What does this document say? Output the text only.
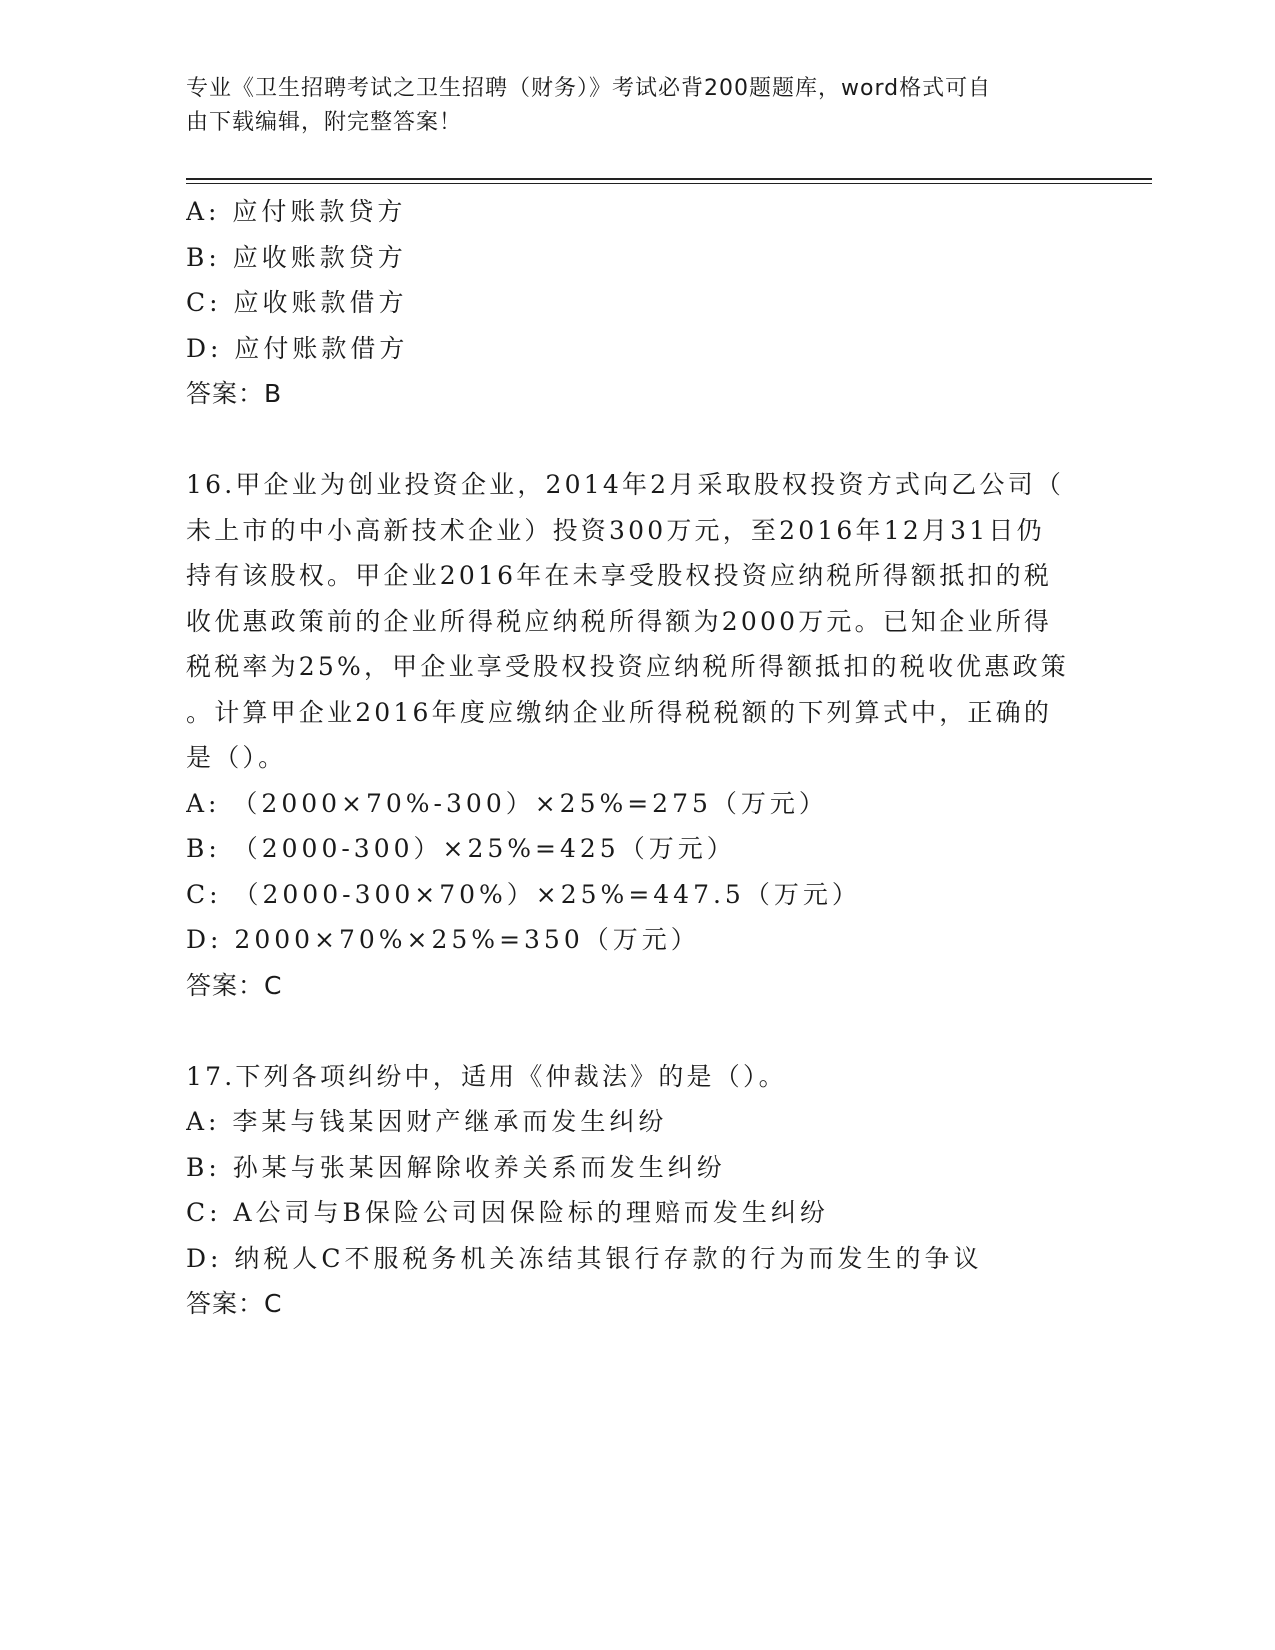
专业《卫生招聘考试之卫生招聘（财务）》考试必背200题题库，word格式可自
由下载编辑，附完整答案！
A: 应付账款贷方
B: 应收账款贷方
C: 应收账款借方
D: 应付账款借方
答案：B
16.甲企业为创业投资企业，2014年2月采取股权投资方式向乙公司（
未上市的中小高新技术企业）投资300万元，至2016年12月31日仍
持有该股权。甲企业2016年在未享受股权投资应纳税所得额抵扣的税
收优惠政策前的企业所得税应纳税所得额为2000万元。已知企业所得
税税率为25%，甲企业享受股权投资应纳税所得额抵扣的税收优惠政策
。计算甲企业2016年度应缴纳企业所得税税额的下列算式中，正确的
是（）。
A: （2000×70%-300）×25%=275（万元）
B: （2000-300）×25%=425（万元）
C: （2000-300×70%）×25%=447.5（万元）
D: 2000×70%×25%=350（万元）
答案：C
17.下列各项纠纷中，适用《仲裁法》的是（）。
A: 李某与钱某因财产继承而发生纠纷
B: 孙某与张某因解除收养关系而发生纠纷
C: A公司与B保险公司因保险标的理赔而发生纠纷
D: 纳税人C不服税务机关冻结其银行存款的行为而发生的争议
答案：C
